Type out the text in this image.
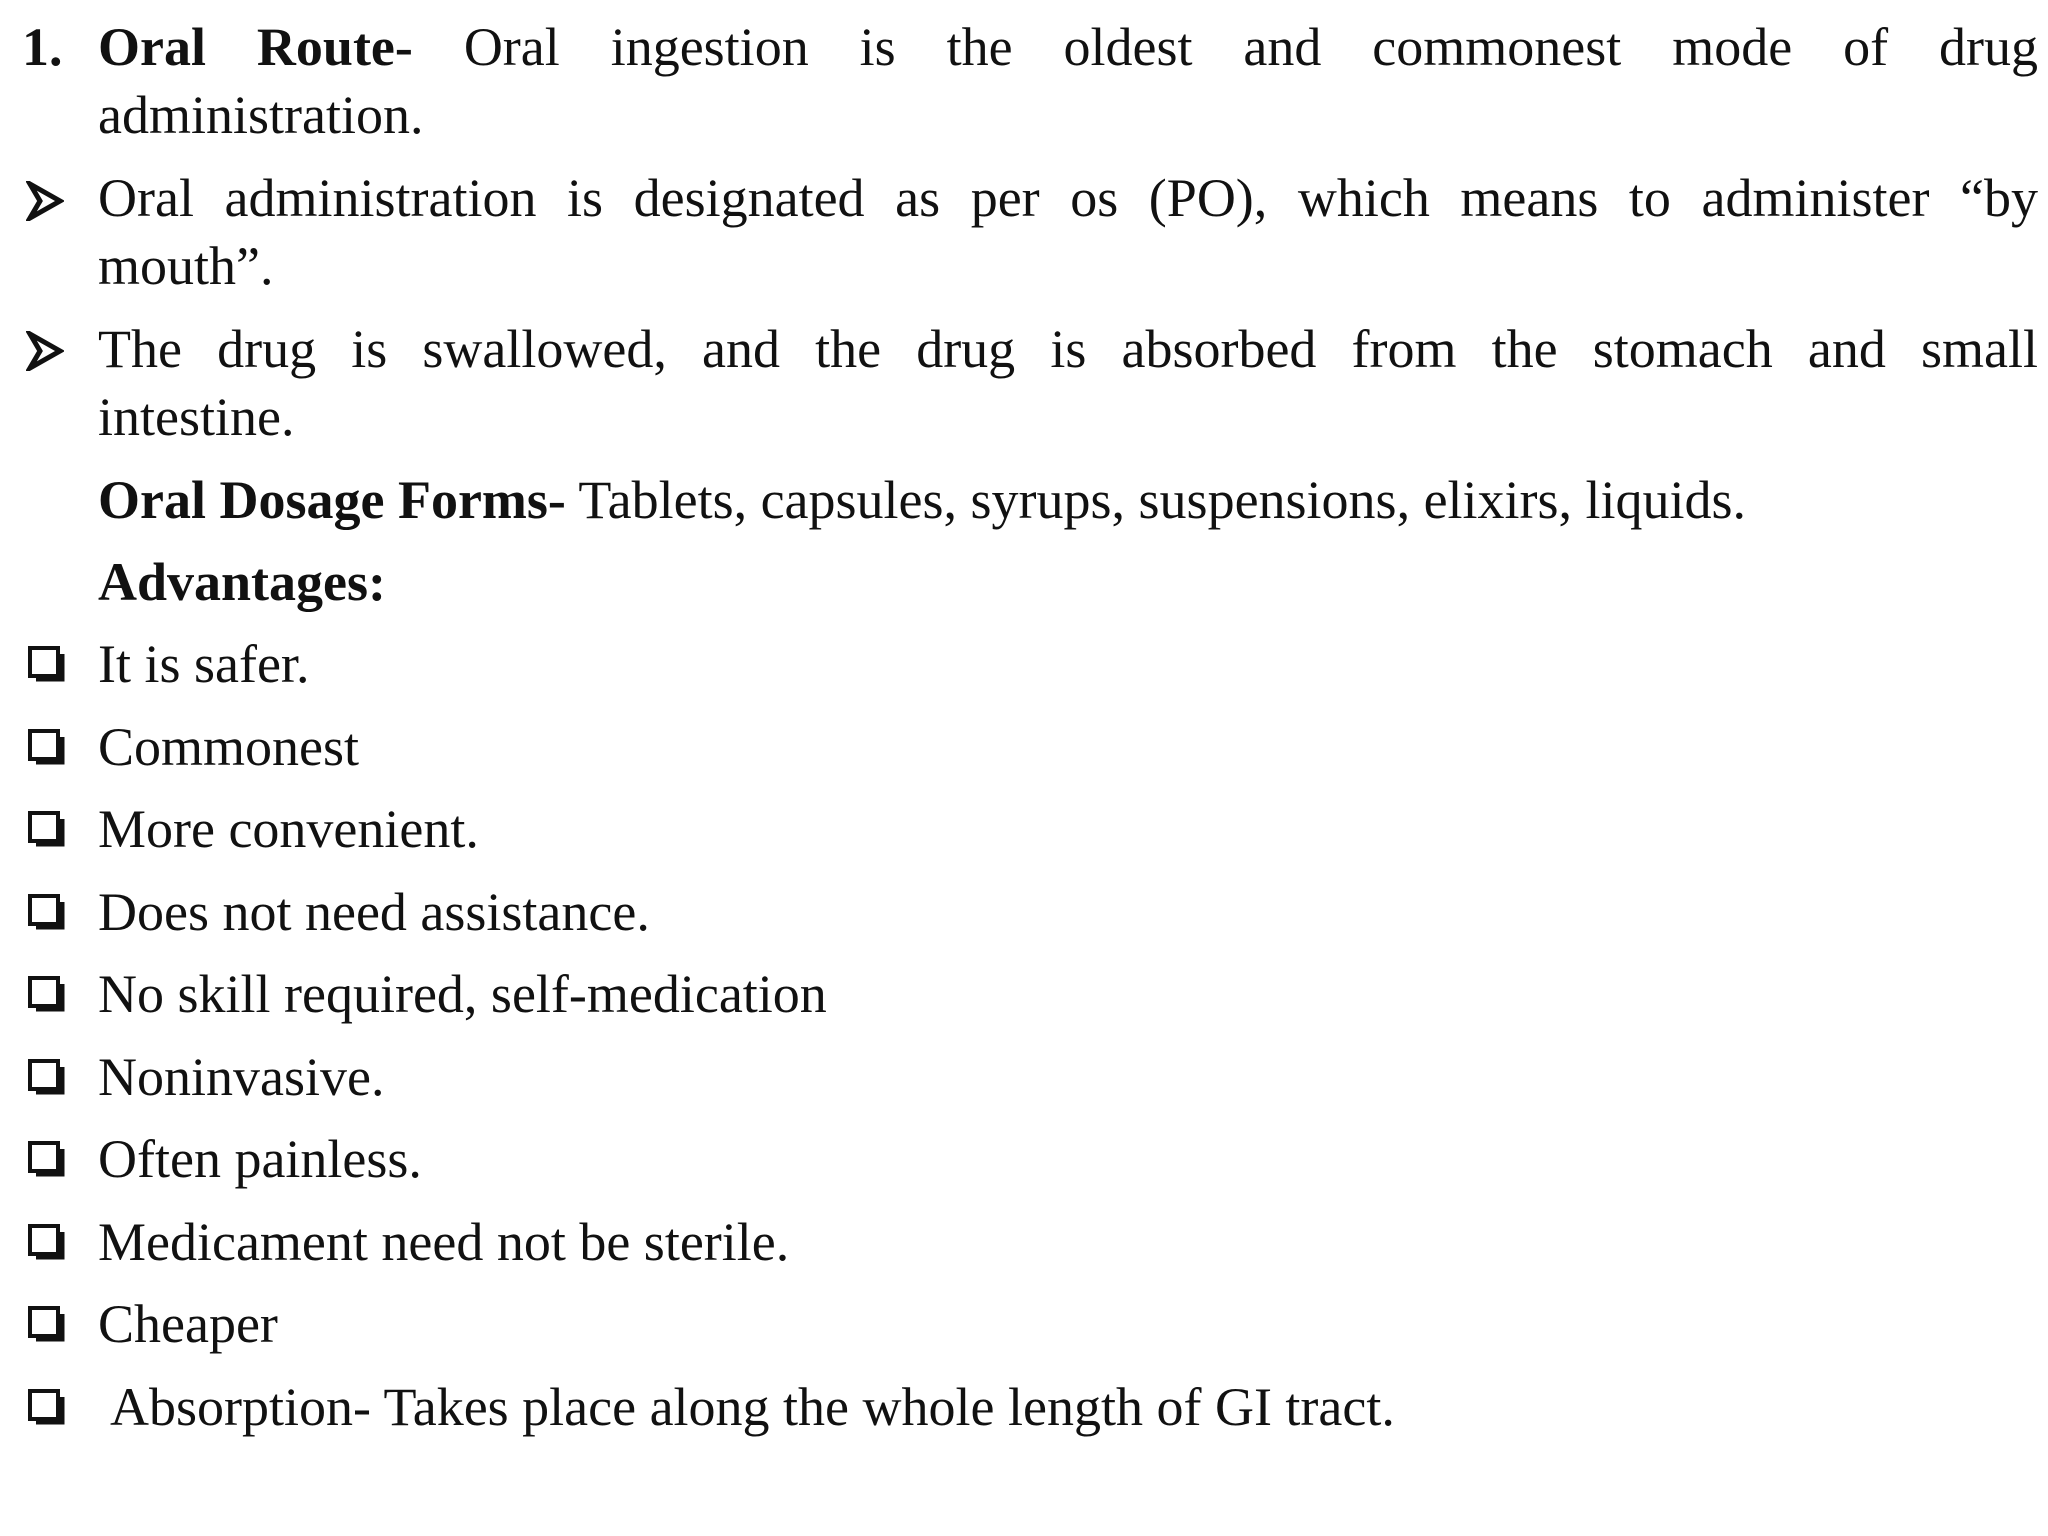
1. Oral Route- Oral ingestion is the oldest and commonest mode of drug
administration.
Oral administration is designated as per os (PO), which means to administer “by
mouth”.
The drug is swallowed, and the drug is absorbed from the stomach and small
intestine.
Oral Dosage Forms- Tablets, capsules, syrups, suspensions, elixirs, liquids.
Advantages:
It is safer.
Commonest
More convenient.
Does not need assistance.
No skill required, self-medication
Noninvasive.
Often painless.
Medicament need not be sterile.
Cheaper
Absorption- Takes place along the whole length of GI tract.
